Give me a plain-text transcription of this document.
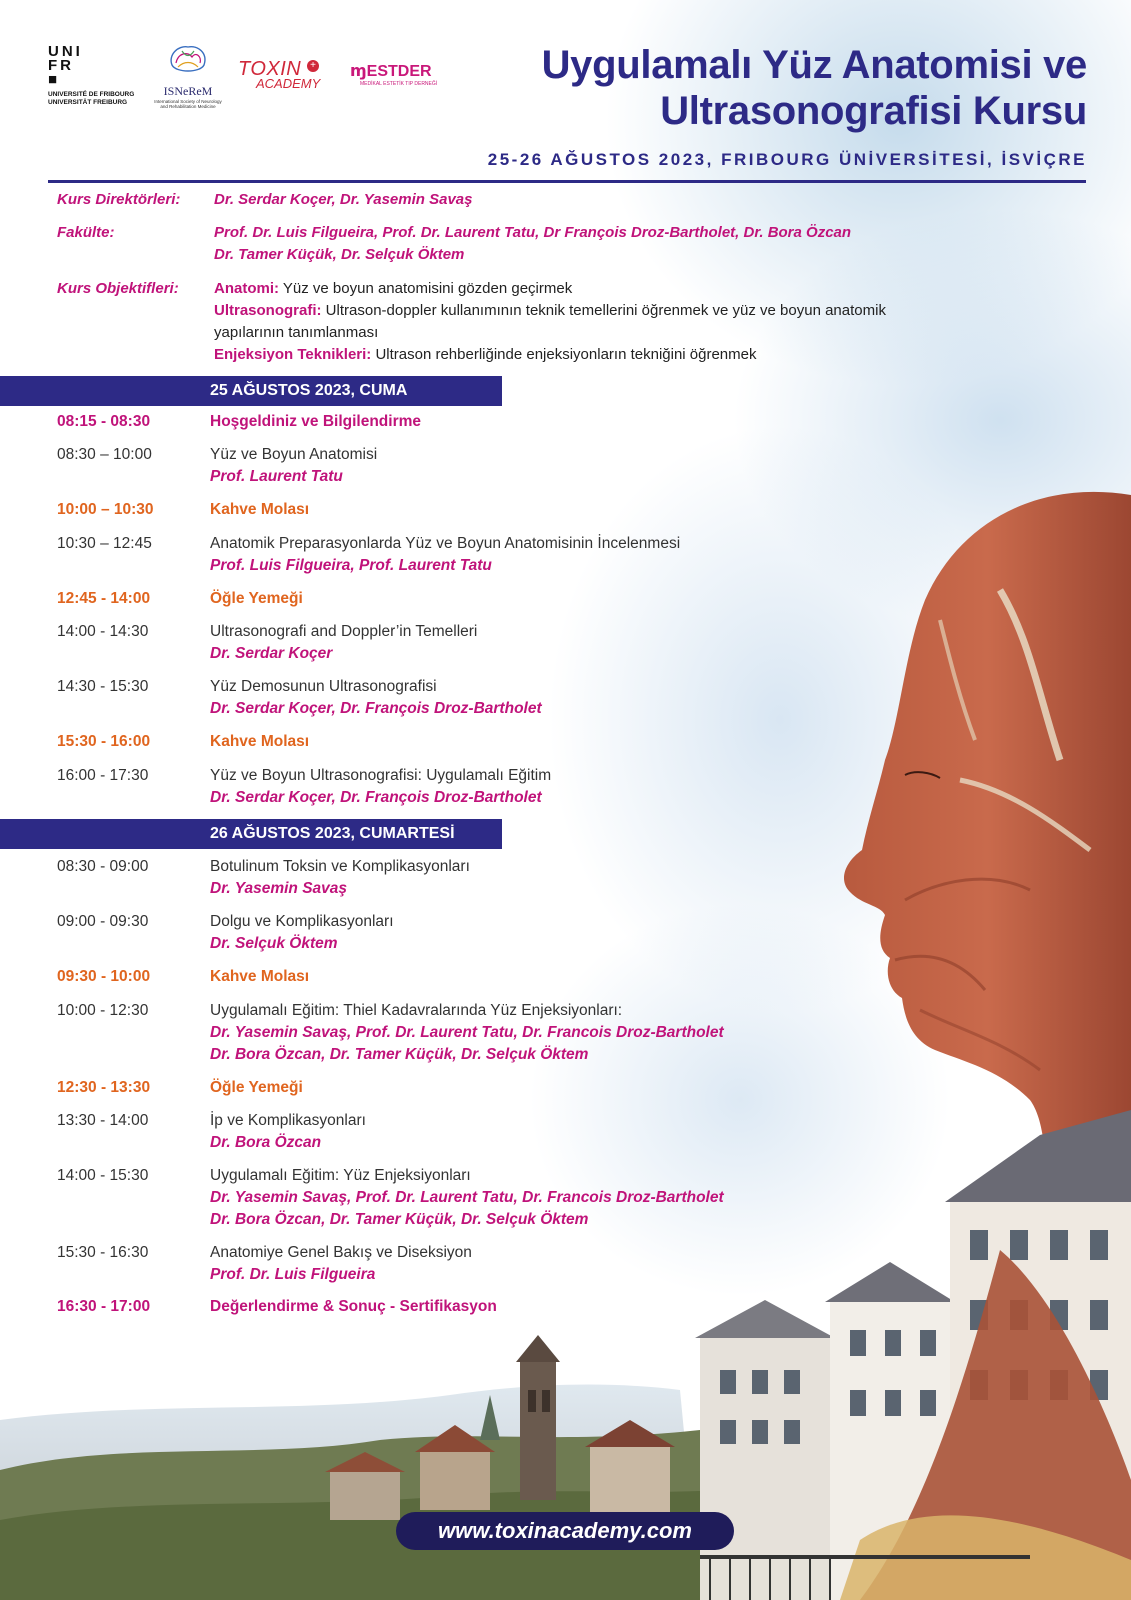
UNI
FR
■
UNIVERSITÉ DE FRIBOURG
UNIVERSITÄT FREIBURG
ISNeReM
International Society of Neurology and Rehabilitation Medicine
TOXIN +
ACADEMY
ɱESTDER
MEDİKAL ESTETİK TIP DERNEĞİ	Uygulamalı Yüz Anatomisi ve
Ultrasonografisi Kursu
25-26 AĞUSTOS 2023, FRIBOURG ÜNİVERSİTESİ, İSVİÇRE
Kurs Direktörleri: Dr. Serdar Koçer, Dr. Yasemin Savaş
Fakülte:	Prof. Dr. Luis Filgueira, Prof. Dr. Laurent Tatu, Dr François Droz-Bartholet, Dr. Bora Özcan
Dr. Tamer Küçük, Dr. Selçuk Öktem
Kurs Objektifleri: Anatomi: Yüz ve boyun anatomisini gözden geçirmek
Ultrasonografi: Ultrason-doppler kullanımının teknik temellerini öğrenmek ve yüz ve boyun anatomik
yapılarının tanımlanması
Enjeksiyon Teknikleri: Ultrason rehberliğinde enjeksiyonların tekniğini öğrenmek
25 AĞUSTOS 2023, CUMA
08:15 - 08:30	Hoşgeldiniz ve Bilgilendirme
08:30 – 10:00	Yüz ve Boyun Anatomisi
Prof. Laurent Tatu
10:00 – 10:30	Kahve Molası
10:30 – 12:45	Anatomik Preparasyonlarda Yüz ve Boyun Anatomisinin İncelenmesi
Prof. Luis Filgueira, Prof. Laurent Tatu
12:45 - 14:00	Öğle Yemeği
14:00 - 14:30	Ultrasonografi and Doppler’in Temelleri
Dr. Serdar Koçer
14:30 - 15:30	Yüz Demosunun Ultrasonografisi
Dr. Serdar Koçer, Dr. François Droz-Bartholet
15:30 - 16:00	Kahve Molası
16:00 - 17:30	Yüz ve Boyun Ultrasonografisi: Uygulamalı Eğitim
Dr. Serdar Koçer, Dr. François Droz-Bartholet
26 AĞUSTOS 2023, CUMARTESİ
08:30 - 09:00	Botulinum Toksin ve Komplikasyonları
Dr. Yasemin Savaş
09:00 - 09:30	Dolgu ve Komplikasyonları
Dr. Selçuk Öktem
09:30 - 10:00	Kahve Molası
10:00 - 12:30	Uygulamalı Eğitim: Thiel Kadavralarında Yüz Enjeksiyonları:
Dr. Yasemin Savaş, Prof. Dr. Laurent Tatu, Dr. Francois Droz-Bartholet
Dr. Bora Özcan, Dr. Tamer Küçük, Dr. Selçuk Öktem
12:30 - 13:30	Öğle Yemeği
13:30 - 14:00	İp ve Komplikasyonları
Dr. Bora Özcan
14:00 - 15:30	Uygulamalı Eğitim: Yüz Enjeksiyonları
Dr. Yasemin Savaş, Prof. Dr. Laurent Tatu, Dr. Francois Droz-Bartholet
Dr. Bora Özcan, Dr. Tamer Küçük, Dr. Selçuk Öktem
15:30 - 16:30	Anatomiye Genel Bakış ve Diseksiyon
Prof. Dr. Luis Filgueira
16:30 - 17:00	Değerlendirme & Sonuç - Sertifikasyon
www.toxinacademy.com
